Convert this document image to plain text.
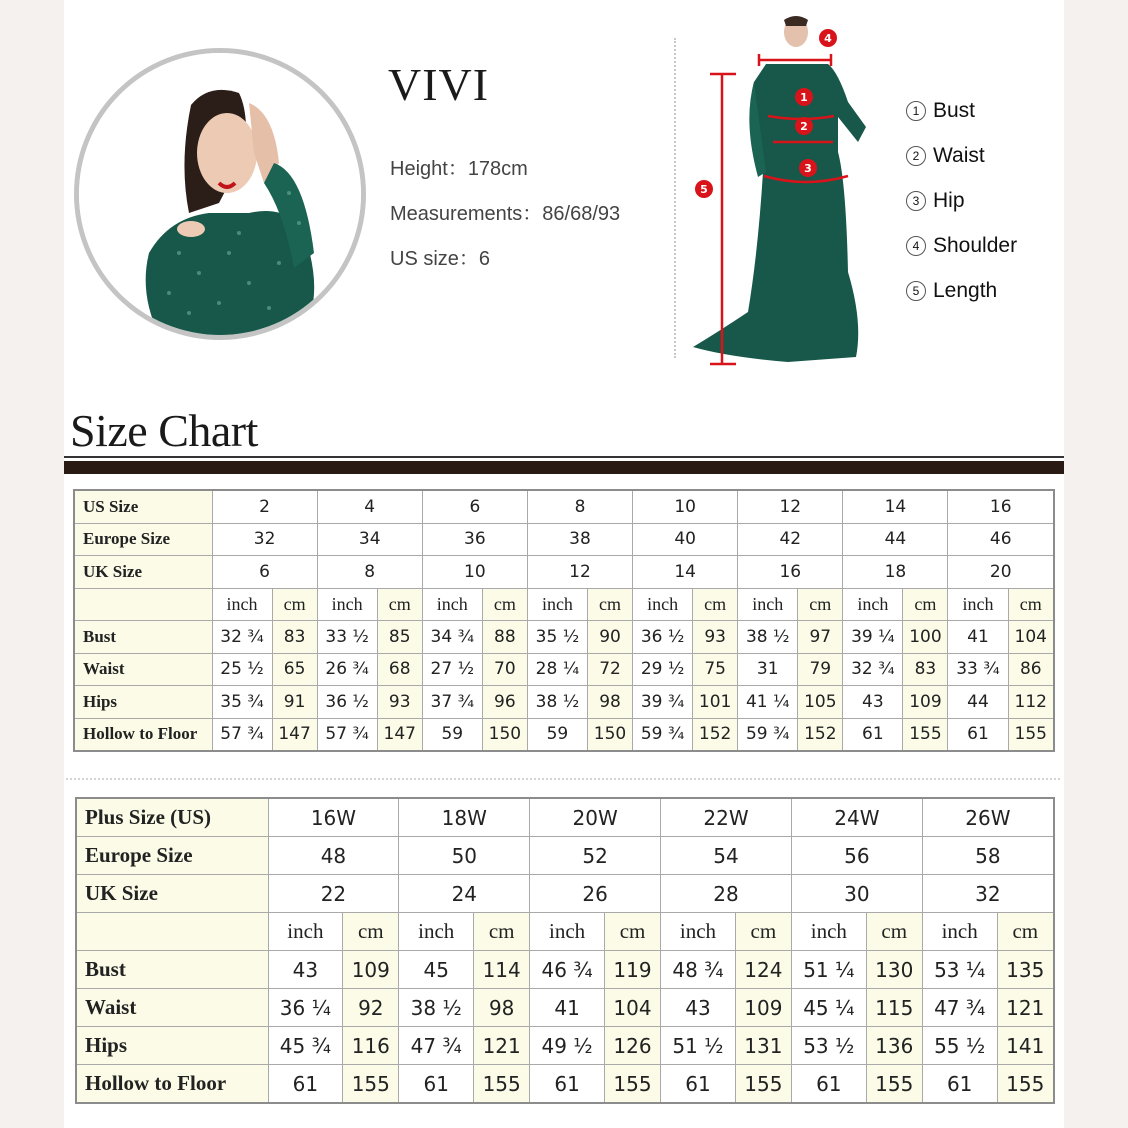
VIVI
Height：178cm
Measurements：86/68/93
US size：6
4
1
2
3
5
1 Bust
2 Waist
3 Hip
4 Shoulder
5 Length
Size Chart
US Size	2		4		6		8		10		12		14		16	
Europe Size	32		34		36		38		40		42		44		46	
UK Size	6		8		10		12		14		16		18		20	
	inch	cm	inch	cm	inch	cm	inch	cm	inch	cm	inch	cm	inch	cm	inch	cm
Bust	32 ¾	83	33 ½	85	34 ¾	88	35 ½	90	36 ½	93	38 ½	97	39 ¼	100	41	104
Waist	25 ½	65	26 ¾	68	27 ½	70	28 ¼	72	29 ½	75	31	79	32 ¾	83	33 ¾	86
Hips	35 ¾	91	36 ½	93	37 ¾	96	38 ½	98	39 ¾	101	41 ¼	105	43	109	44	112
Hollow to Floor	57 ¾	147	57 ¾	147	59	150	59	150	59 ¾	152	59 ¾	152	61	155	61	155
Plus Size (US)	16W		18W		20W		22W		24W		26W	
Europe Size	48		50		52		54		56		58	
UK Size	22		24		26		28		30		32	
	inch	cm	inch	cm	inch	cm	inch	cm	inch	cm	inch	cm
Bust	43	109	45	114	46 ¾	119	48 ¾	124	51 ¼	130	53 ¼	135
Waist	36 ¼	92	38 ½	98	41	104	43	109	45 ¼	115	47 ¾	121
Hips	45 ¾	116	47 ¾	121	49 ½	126	51 ½	131	53 ½	136	55 ½	141
Hollow to Floor	61	155	61	155	61	155	61	155	61	155	61	155
